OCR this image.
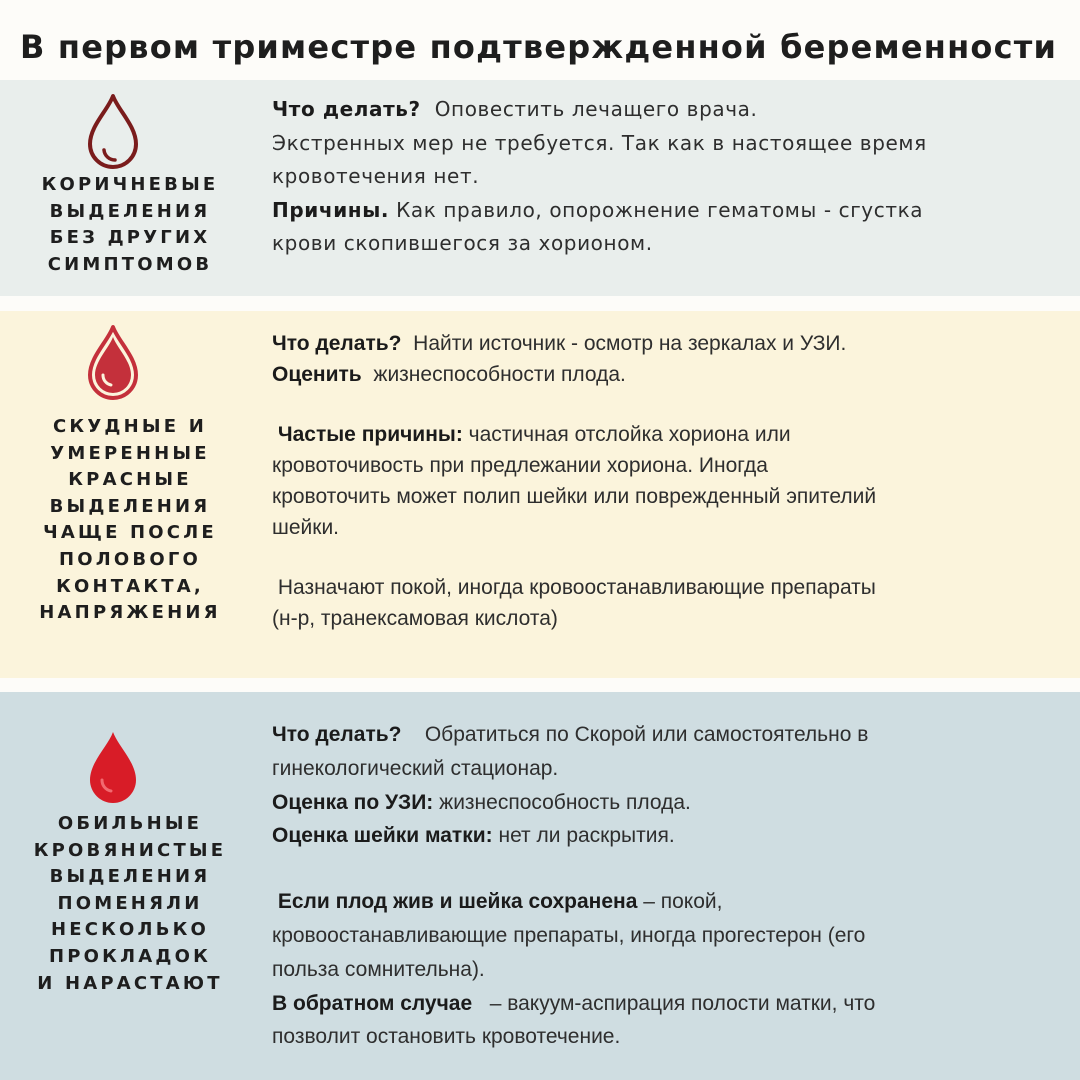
В первом триместре подтвержденной беременности
КОРИЧНЕВЫЕ
ВЫДЕЛЕНИЯ
БЕЗ ДРУГИХ
СИМПТОМОВ

Что делать? Оповестить лечащего врача.

Экстренных мер не требуется. Так как в настоящее время

кровотечения нет.

Причины. Как правило, опорожнение гематомы - сгустка

крови скопившегося за хорионом.

СКУДНЫЕ И
УМЕРЕННЫЕ
КРАСНЫЕ
ВЫДЕЛЕНИЯ
ЧАЩЕ ПОСЛЕ
ПОЛОВОГО
КОНТАКТА,
НАПРЯЖЕНИЯ

Что делать? Найти источник - осмотр на зеркалах и УЗИ.

Оценить жизнеспособности плода.

Частые причины: частичная отслойка хориона или

кровоточивость при предлежании хориона. Иногда

кровоточить может полип шейки или поврежденный эпителий

шейки.

Назначают покой, иногда кровоостанавливающие препараты

(н-р, транексамовая кислота)

ОБИЛЬНЫЕ
КРОВЯНИСТЫЕ
ВЫДЕЛЕНИЯ
ПОМЕНЯЛИ
НЕСКОЛЬКО
ПРОКЛАДОК
И НАРАСТАЮТ

Что делать? Обратиться по Скорой или самостоятельно в

гинекологический стационар.

Оценка по УЗИ: жизнеспособность плода.

Оценка шейки матки: нет ли раскрытия.

Если плод жив и шейка сохранена – покой,

кровоостанавливающие препараты, иногда прогестерон (его

польза сомнительна).

В обратном случае – вакуум-аспирация полости матки, что

позволит остановить кровотечение.
